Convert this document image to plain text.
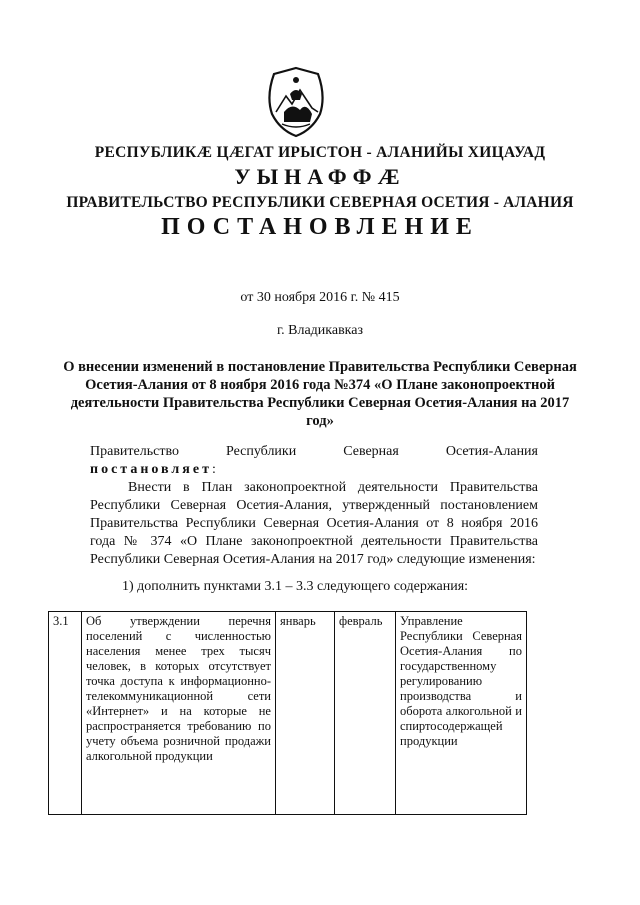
РЕСПУБЛИКӔ ЦӔГАТ ИРЫСТОН - АЛАНИЙЫ ХИЦАУАД
УЫНАФФӔ
ПРАВИТЕЛЬСТВО РЕСПУБЛИКИ СЕВЕРНАЯ ОСЕТИЯ - АЛАНИЯ
ПОСТАНОВЛЕНИЕ
от 30 ноября 2016 г. № 415
г. Владикавказ
О внесении изменений в постановление Правительства Республики Северная Осетия-Алания от 8 ноября 2016 года №374 «О Плане законопроектной деятельности Правительства Республики Северная Осетия-Алания на 2017 год»
Правительство Республики Северная Осетия-Алания
постановляет:
Внести в План законопроектной деятельности Правительства Республики Северная Осетия-Алания, утвержденный постановлением Правительства Республики Северная Осетия-Алания от 8 ноября 2016 года № 374 «О Плане законопроектной деятельности Правительства Республики Северная Осетия-Алания на 2017 год» следующие изменения:
1) дополнить пунктами 3.1 – 3.3 следующего содержания:
3.1	Об утверждении перечня поселений с численностью населения менее трех тысяч человек, в которых отсутствует точка доступа к информационно-телекоммуникационной сети «Интернет» и на которые не распространяется требованию по учету объема розничной продажи алкогольной продукции	январь	февраль	Управление Республики Северная Осетия-Алания по государственному регулированию производства и оборота алкогольной и спиртосодержащей продукции
